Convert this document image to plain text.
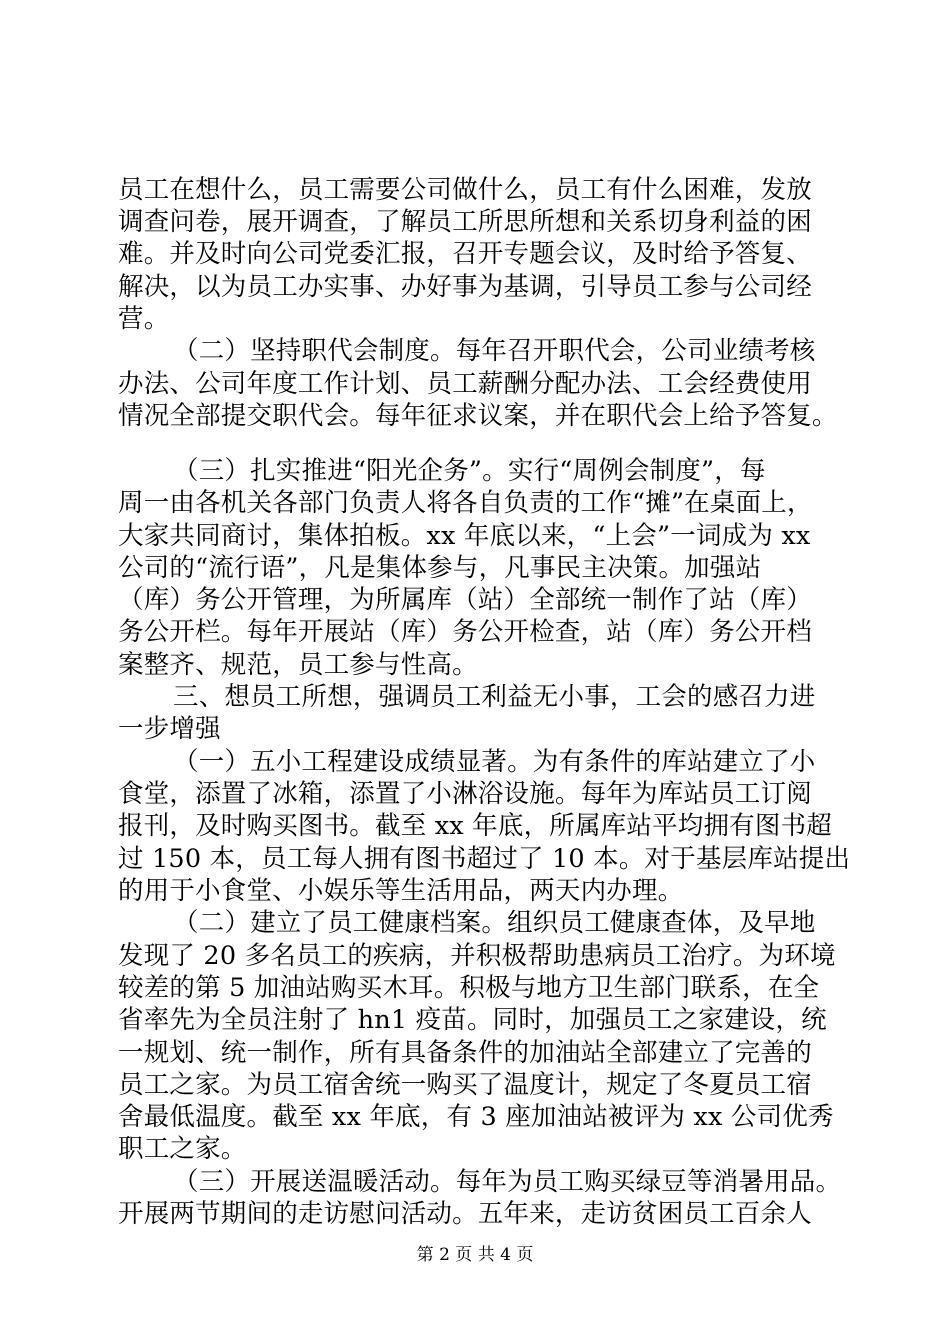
员工在想什么，员工需要公司做什么，员工有什么困难，发放
调查问卷，展开调查，了解员工所思所想和关系切身利益的困
难。并及时向公司党委汇报，召开专题会议，及时给予答复、
解决，以为员工办实事、办好事为基调，引导员工参与公司经
营。
（二）坚持职代会制度。每年召开职代会，公司业绩考核
办法、公司年度工作计划、员工薪酬分配办法、工会经费使用
情况全部提交职代会。每年征求议案，并在职代会上给予答复。
（三）扎实推进“阳光企务”。实行“周例会制度”，每
周一由各机关各部门负责人将各自负责的工作“摊”在桌面上，
大家共同商讨，集体拍板。xx 年底以来，“上会”一词成为 xx
公司的“流行语”，凡是集体参与，凡事民主决策。加强站
（库）务公开管理，为所属库（站）全部统一制作了站（库）
务公开栏。每年开展站（库）务公开检查，站（库）务公开档
案整齐、规范，员工参与性高。
三、想员工所想，强调员工利益无小事，工会的感召力进
一步增强
（一）五小工程建设成绩显著。为有条件的库站建立了小
食堂，添置了冰箱，添置了小淋浴设施。每年为库站员工订阅
报刊，及时购买图书。截至 xx 年底，所属库站平均拥有图书超
过 150 本，员工每人拥有图书超过了 10 本。对于基层库站提出
的用于小食堂、小娱乐等生活用品，两天内办理。
（二）建立了员工健康档案。组织员工健康查体，及早地
发现了 20 多名员工的疾病，并积极帮助患病员工治疗。为环境
较差的第 5 加油站购买木耳。积极与地方卫生部门联系，在全
省率先为全员注射了 hn1 疫苗。同时，加强员工之家建设，统
一规划、统一制作，所有具备条件的加油站全部建立了完善的
员工之家。为员工宿舍统一购买了温度计，规定了冬夏员工宿
舍最低温度。截至 xx 年底，有 3 座加油站被评为 xx 公司优秀
职工之家。
（三）开展送温暖活动。每年为员工购买绿豆等消暑用品。
开展两节期间的走访慰问活动。五年来，走访贫困员工百余人
第 2 页 共 4 页
